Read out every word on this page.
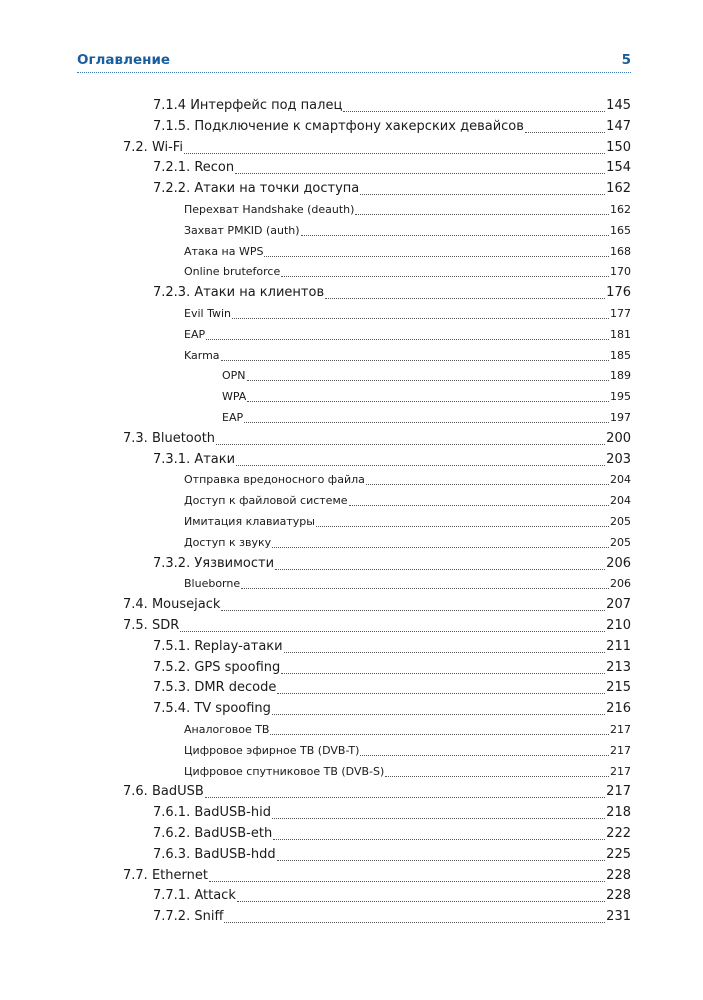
Оглавление	5
7.1.4 Интерфейс под палец	145
7.1.5. Подключение к смартфону хакерских девайсов	147
7.2. Wi-Fi	150
7.2.1. Recon	154
7.2.2. Атаки на точки доступа	162
Перехват Handshake (deauth)	162
Захват PMKID (auth)	165
Атака на WPS	168
Online bruteforce	170
7.2.3. Атаки на клиентов	176
Evil Twin	177
EAP	181
Karma	185
OPN	189
WPA	195
EAP	197
7.3. Bluetooth	200
7.3.1. Атаки	203
Отправка вредоносного файла	204
Доступ к файловой системе	204
Имитация клавиатуры	205
Доступ к звуку	205
7.3.2. Уязвимости	206
Blueborne	206
7.4. Mousejack	207
7.5. SDR	210
7.5.1. Replay-атаки	211
7.5.2. GPS spoofing	213
7.5.3. DMR decode	215
7.5.4. TV spoofing	216
Аналоговое ТВ	217
Цифровое эфирное ТВ (DVB-T)	217
Цифровое спутниковое ТВ (DVB-S)	217
7.6. BadUSB	217
7.6.1. BadUSB-hid	218
7.6.2. BadUSB-eth	222
7.6.3. BadUSB-hdd	225
7.7. Ethernet	228
7.7.1. Attack	228
7.7.2. Sniff	231
